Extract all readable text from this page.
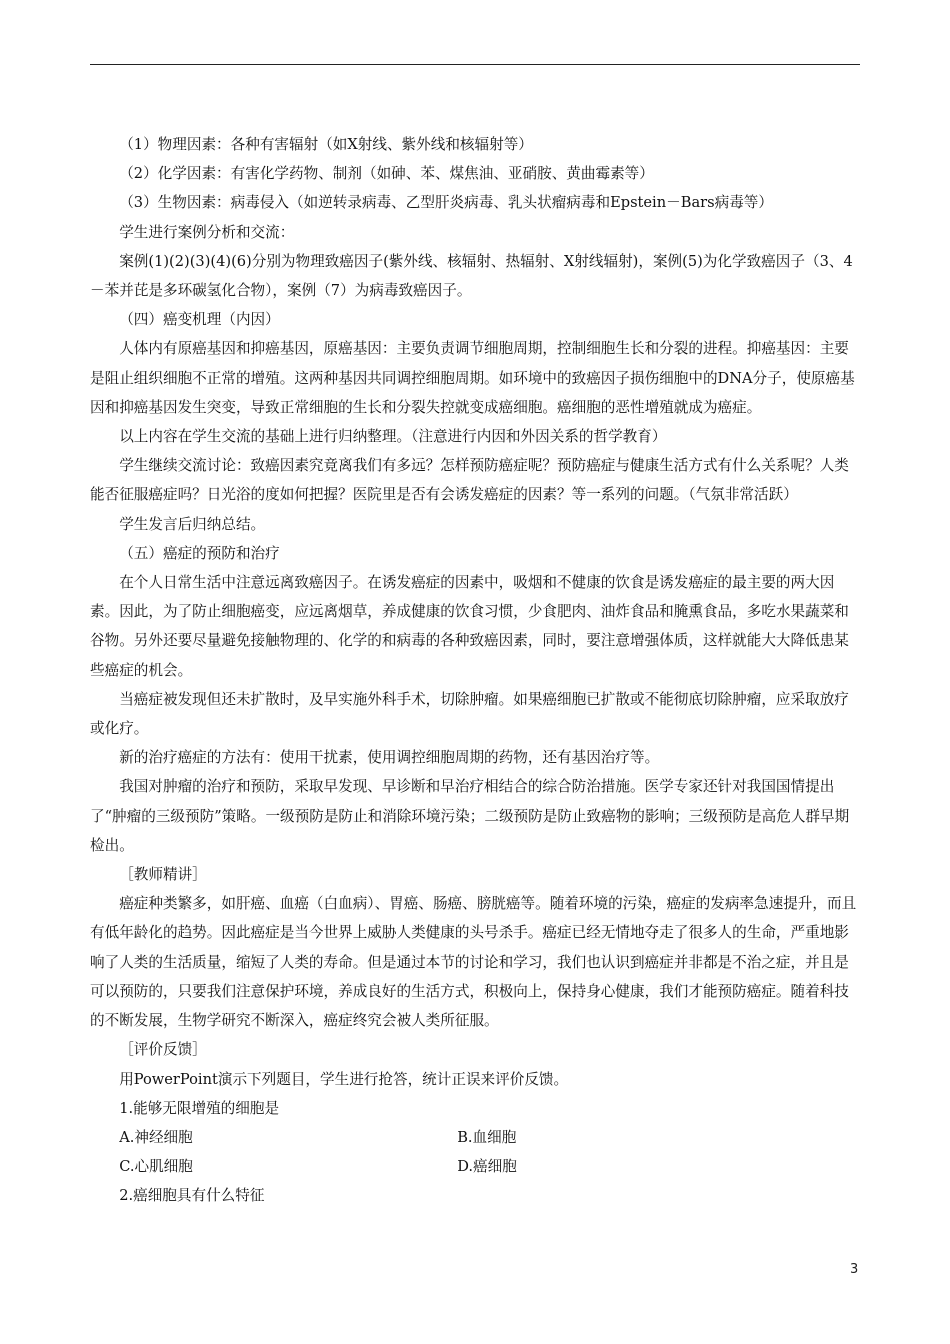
（1）物理因素：各种有害辐射（如X射线、紫外线和核辐射等）

（2）化学因素：有害化学药物、制剂（如砷、苯、煤焦油、亚硝胺、黄曲霉素等）

（3）生物因素：病毒侵入（如逆转录病毒、乙型肝炎病毒、乳头状瘤病毒和Epstein－Bars病毒等）

学生进行案例分析和交流：

案例(1)(2)(3)(4)(6)分别为物理致癌因子(紫外线、核辐射、热辐射、X射线辐射)，案例(5)为化学致癌因子（3、4－苯并芘是多环碳氢化合物），案例（7）为病毒致癌因子。

（四）癌变机理（内因）

人体内有原癌基因和抑癌基因，原癌基因：主要负责调节细胞周期，控制细胞生长和分裂的进程。抑癌基因：主要是阻止组织细胞不正常的增殖。这两种基因共同调控细胞周期。如环境中的致癌因子损伤细胞中的DNA分子，使原癌基因和抑癌基因发生突变，导致正常细胞的生长和分裂失控就变成癌细胞。癌细胞的恶性增殖就成为癌症。

以上内容在学生交流的基础上进行归纳整理。（注意进行内因和外因关系的哲学教育）

学生继续交流讨论：致癌因素究竟离我们有多远？怎样预防癌症呢？预防癌症与健康生活方式有什么关系呢？人类能否征服癌症吗？日光浴的度如何把握？医院里是否有会诱发癌症的因素？等一系列的问题。（气氛非常活跃）

学生发言后归纳总结。

（五）癌症的预防和治疗

在个人日常生活中注意远离致癌因子。在诱发癌症的因素中，吸烟和不健康的饮食是诱发癌症的最主要的两大因素。因此，为了防止细胞癌变，应远离烟草，养成健康的饮食习惯，少食肥肉、油炸食品和腌熏食品，多吃水果蔬菜和谷物。另外还要尽量避免接触物理的、化学的和病毒的各种致癌因素，同时，要注意增强体质，这样就能大大降低患某些癌症的机会。

当癌症被发现但还未扩散时，及早实施外科手术，切除肿瘤。如果癌细胞已扩散或不能彻底切除肿瘤，应采取放疗或化疗。

新的治疗癌症的方法有：使用干扰素，使用调控细胞周期的药物，还有基因治疗等。

我国对肿瘤的治疗和预防，采取早发现、早诊断和早治疗相结合的综合防治措施。医学专家还针对我国国情提出了“肿瘤的三级预防”策略。一级预防是防止和消除环境污染；二级预防是防止致癌物的影响；三级预防是高危人群早期检出。

［教师精讲］

癌症种类繁多，如肝癌、血癌（白血病）、胃癌、肠癌、膀胱癌等。随着环境的污染，癌症的发病率急速提升，而且有低年龄化的趋势。因此癌症是当今世界上威胁人类健康的头号杀手。癌症已经无情地夺走了很多人的生命，严重地影响了人类的生活质量，缩短了人类的寿命。但是通过本节的讨论和学习，我们也认识到癌症并非都是不治之症，并且是可以预防的，只要我们注意保护环境，养成良好的生活方式，积极向上，保持身心健康，我们才能预防癌症。随着科技的不断发展，生物学研究不断深入，癌症终究会被人类所征服。

［评价反馈］

用PowerPoint演示下列题目，学生进行抢答，统计正误来评价反馈。

1.能够无限增殖的细胞是

A.神经细胞	B.血细胞

C.心肌细胞	D.癌细胞

2.癌细胞具有什么特征

3
